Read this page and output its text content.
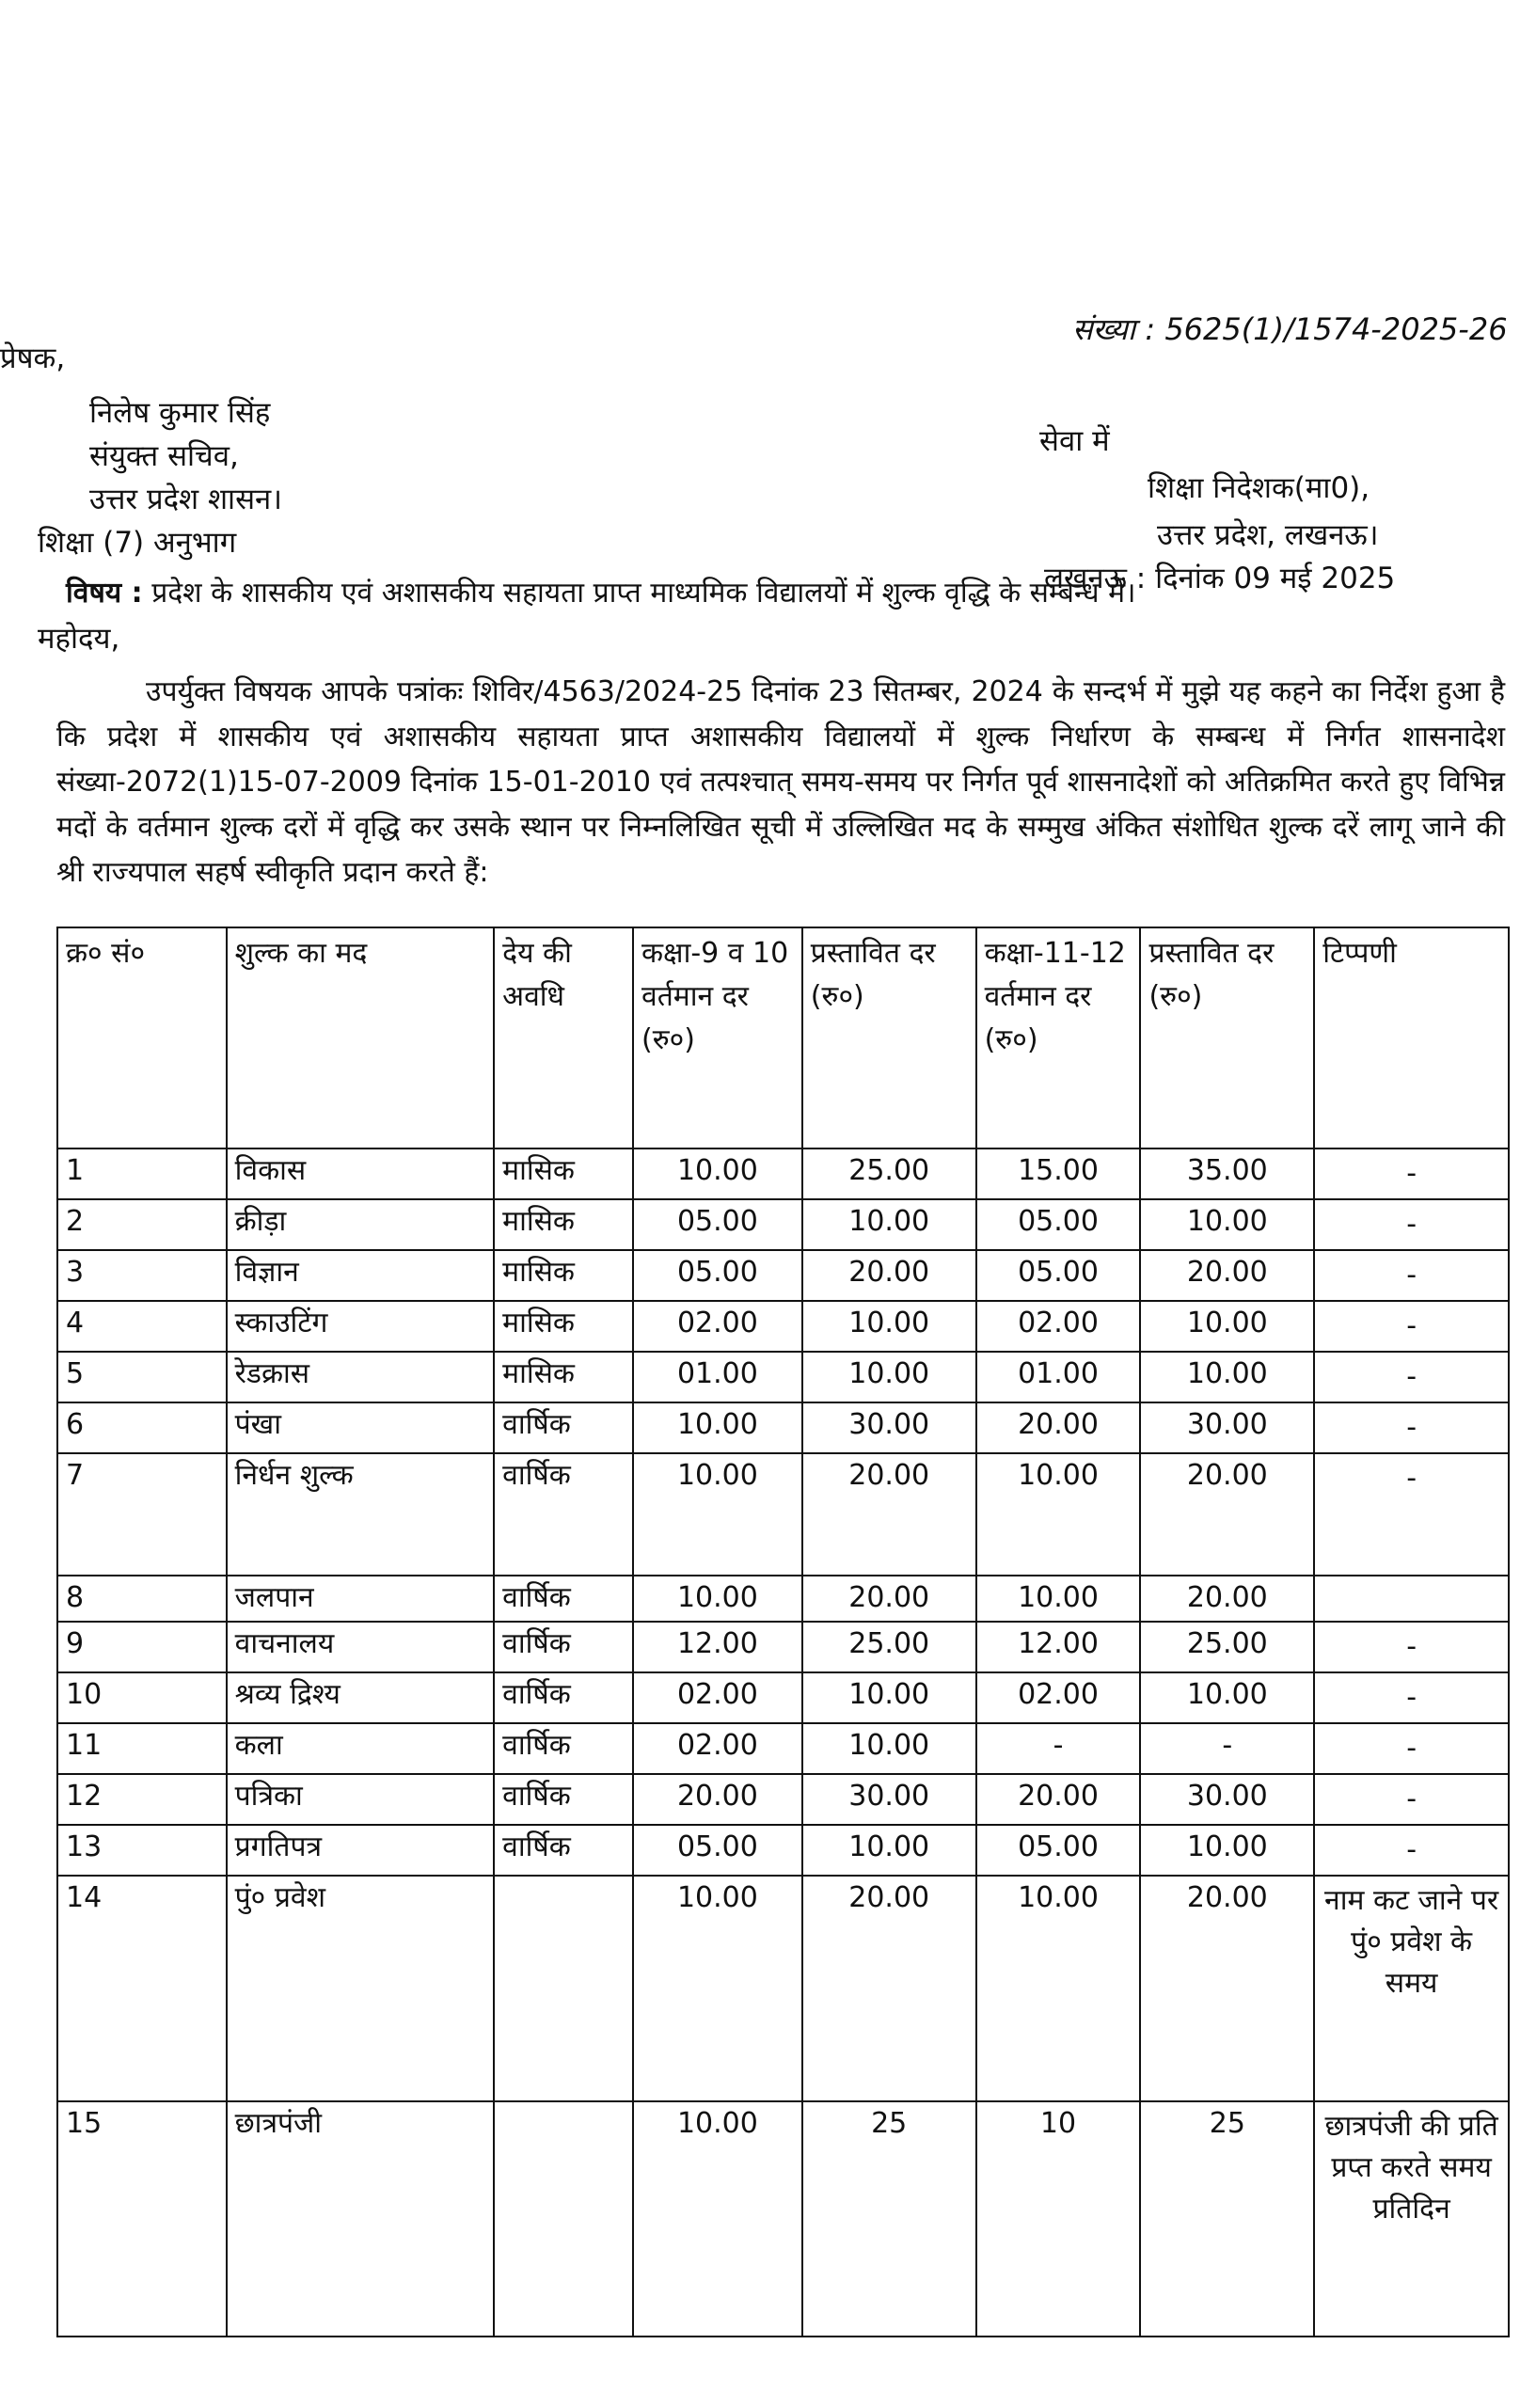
संख्या : 5625(1)/1574-2025-26
प्रेषक,
निलेष कुमार सिंह
संयुक्त सचिव,
उत्तर प्रदेश शासन।
शिक्षा (7) अनुभाग
सेवा में
शिक्षा निदेशक(मा0),
उत्तर प्रदेश, लखनऊ।
लखनऊ : दिनांक 09 मई 2025
विषय : प्रदेश के शासकीय एवं अशासकीय सहायता प्राप्त माध्यमिक विद्यालयों में शुल्क वृद्धि के सम्बन्ध में।
महोदय,
उपर्युक्त विषयक आपके पत्रांकः शिविर/4563/2024-25 दिनांक 23 सितम्बर, 2024 के सन्दर्भ में मुझे यह कहने का निर्देश हुआ है कि प्रदेश में शासकीय एवं अशासकीय सहायता प्राप्त अशासकीय विद्यालयों में शुल्क निर्धारण के सम्बन्ध में निर्गत शासनादेश संख्या-2072(1)15-07-2009 दिनांक 15-01-2010 एवं तत्पश्चात् समय-समय पर निर्गत पूर्व शासनादेशों को अतिक्रमित करते हुए विभिन्न मदों के वर्तमान शुल्क दरों में वृद्धि कर उसके स्थान पर निम्नलिखित सूची में उल्लिखित मद के सम्मुख अंकित संशोधित शुल्क दरें लागू जाने की श्री राज्यपाल सहर्ष स्वीकृति प्रदान करते हैं:
क्र० सं०	शुल्क का मद	देय की अवधि	कक्षा-9 व 10 वर्तमान दर (रु०)	प्रस्तावित दर (रु०)	कक्षा-11-12 वर्तमान दर (रु०)	प्रस्तावित दर (रु०)	टिप्पणी
1	विकास	मासिक	10.00	25.00	15.00	35.00	-
2	क्रीड़ा	मासिक	05.00	10.00	05.00	10.00	-
3	विज्ञान	मासिक	05.00	20.00	05.00	20.00	-
4	स्काउटिंग	मासिक	02.00	10.00	02.00	10.00	-
5	रेडक्रास	मासिक	01.00	10.00	01.00	10.00	-
6	पंखा	वार्षिक	10.00	30.00	20.00	30.00	-
7	निर्धन शुल्क	वार्षिक	10.00	20.00	10.00	20.00	-
8	जलपान	वार्षिक	10.00	20.00	10.00	20.00	
9	वाचनालय	वार्षिक	12.00	25.00	12.00	25.00	-
10	श्रव्य द्रिश्य	वार्षिक	02.00	10.00	02.00	10.00	-
11	कला	वार्षिक	02.00	10.00	-	-	-
12	पत्रिका	वार्षिक	20.00	30.00	20.00	30.00	-
13	प्रगतिपत्र	वार्षिक	05.00	10.00	05.00	10.00	-
14	पुं० प्रवेश		10.00	20.00	10.00	20.00	नाम कट जाने पर पुं० प्रवेश के समय
15	छात्रपंजी		10.00	25	10	25	छात्रपंजी की प्रति प्रप्त करते समय प्रतिदिन
